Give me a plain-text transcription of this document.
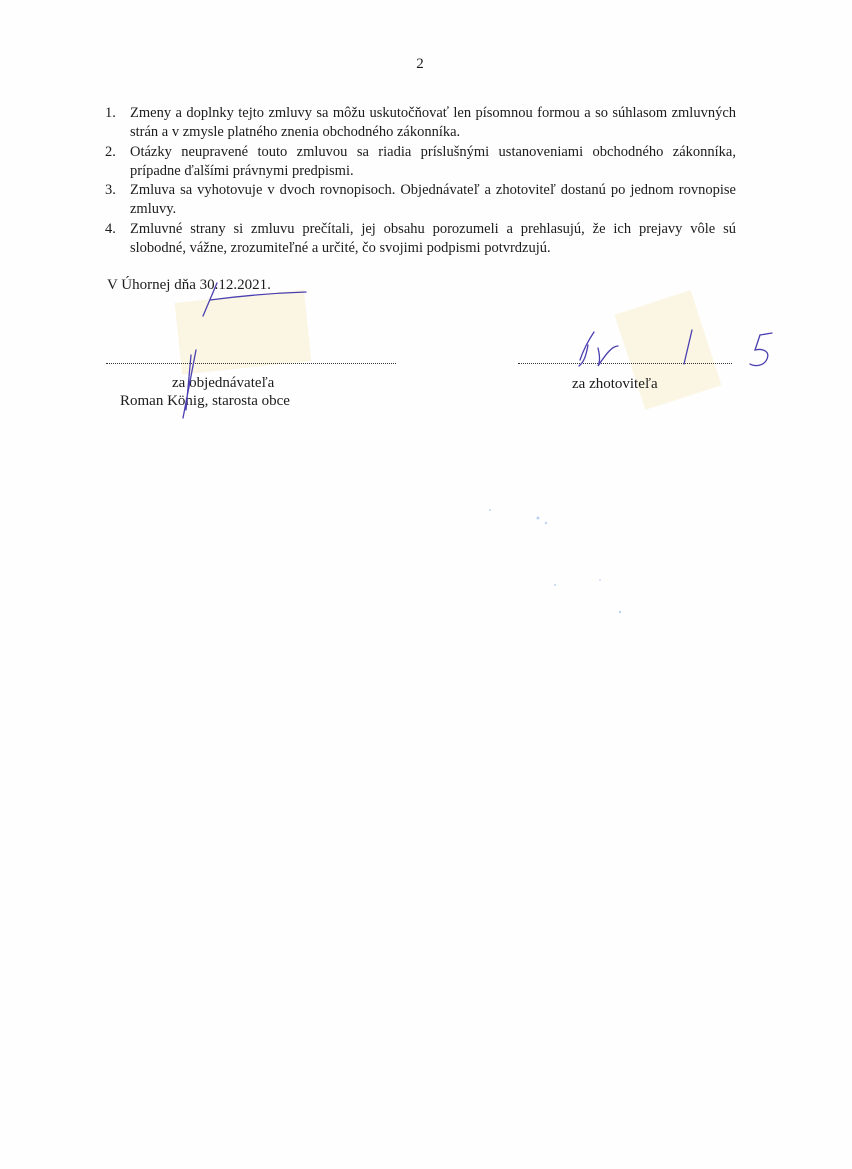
2
1. Zmeny a doplnky tejto zmluvy sa môžu uskutočňovať len písomnou formou a so súhlasom zmluvných strán a v zmysle platného znenia obchodného zákonníka.
2. Otázky neupravené touto zmluvou sa riadia príslušnými ustanoveniami obchodného zákonníka, prípadne ďalšími právnymi predpismi.
3. Zmluva sa vyhotovuje v dvoch rovnopisoch. Objednávateľ a zhotoviteľ dostanú po jednom rovnopise zmluvy.
4. Zmluvné strany si zmluvu prečítali, jej obsahu porozumeli a prehlasujú, že ich prejavy vôle sú slobodné, vážne, zrozumiteľné a určité, čo svojimi podpismi potvrdzujú.
V Úhornej dňa 30.12.2021.
za objednávateľa
Roman König, starosta obce
za zhotoviteľa
